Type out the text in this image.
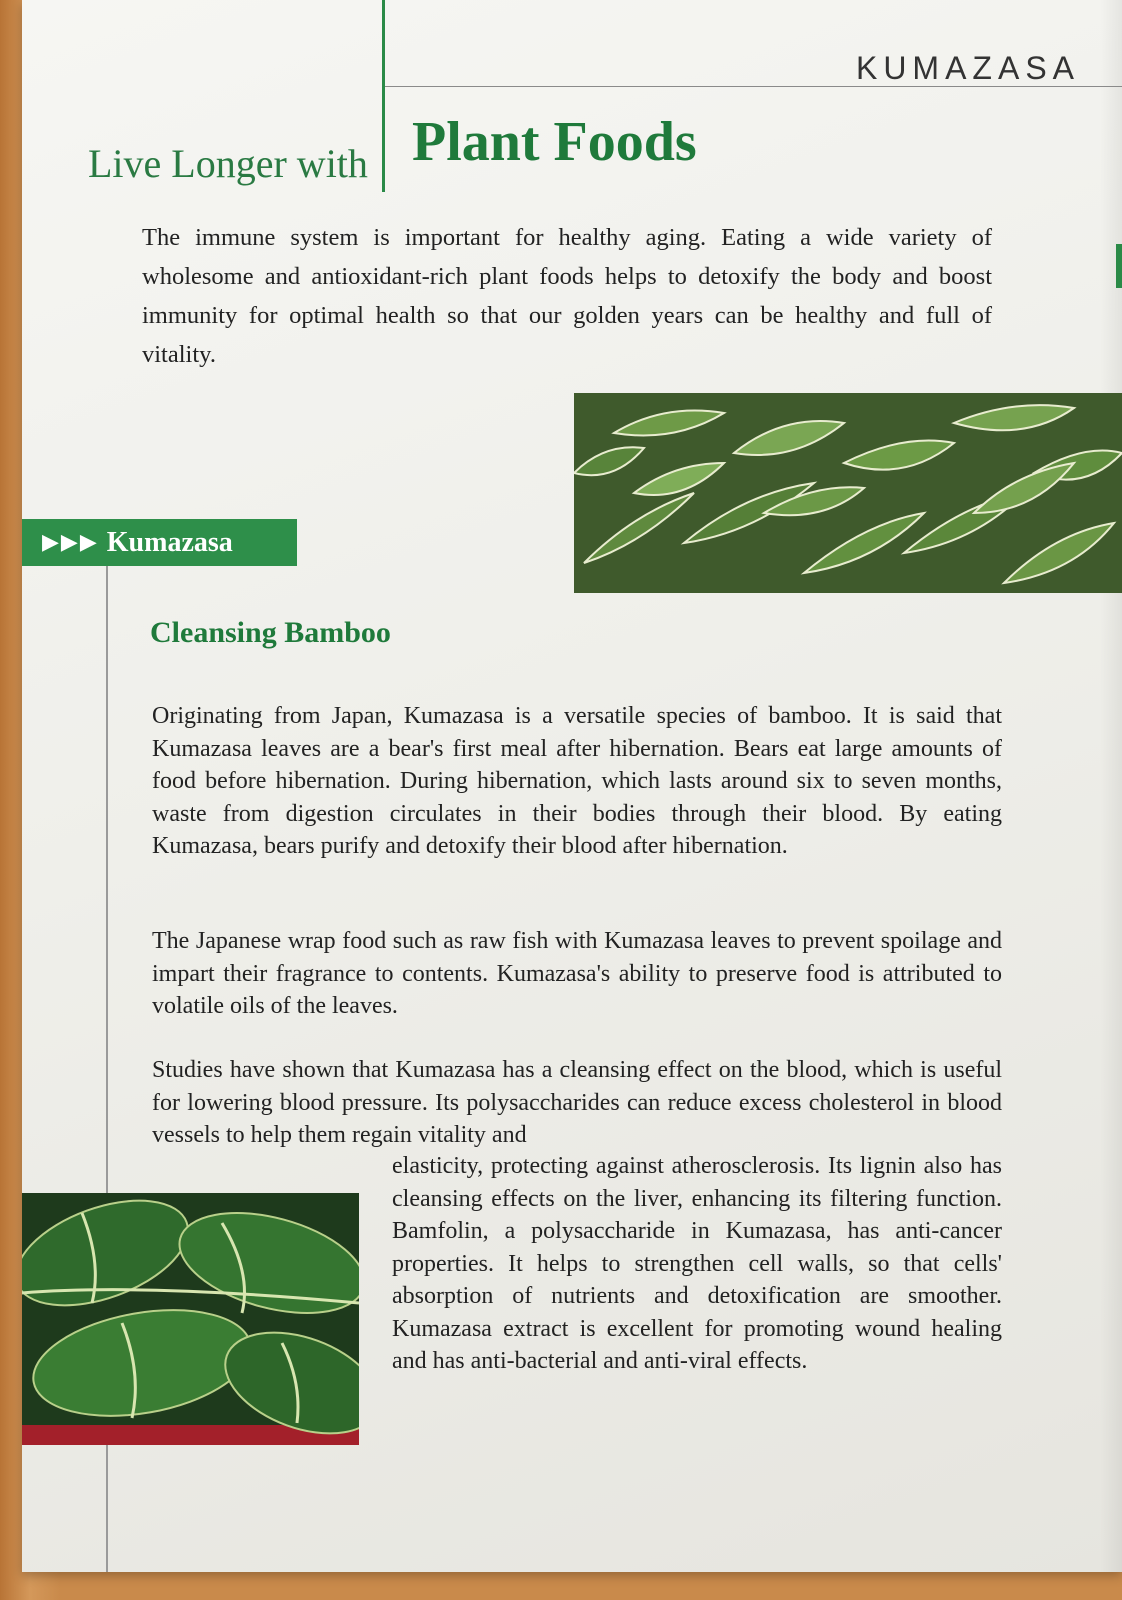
KUMAZASA
Live Longer with Plant Foods

The immune system is important for healthy aging. Eating a wide variety of wholesome and antioxidant-rich plant foods helps to detoxify the body and boost immunity for optimal health so that our golden years can be healthy and full of vitality.

▶▶▶ Kumazasa
Cleansing Bamboo

Originating from Japan, Kumazasa is a versatile species of bamboo. It is said that Kumazasa leaves are a bear's first meal after hibernation. Bears eat large amounts of food before hibernation. During hibernation, which lasts around six to seven months, waste from digestion circulates in their bodies through their blood. By eating Kumazasa, bears purify and detoxify their blood after hibernation.

The Japanese wrap food such as raw fish with Kumazasa leaves to prevent spoilage and impart their fragrance to contents. Kumazasa's ability to preserve food is attributed to volatile oils of the leaves.

Studies have shown that Kumazasa has a cleansing effect on the blood, which is useful for lowering blood pressure. Its polysaccharides can reduce excess cholesterol in blood vessels to help them regain vitality and

elasticity, protecting against atherosclerosis. Its lignin also has cleansing effects on the liver, enhancing its filtering function. Bamfolin, a polysaccharide in Kumazasa, has anti-cancer properties. It helps to strengthen cell walls, so that cells' absorption of nutrients and detoxification are smoother. Kumazasa extract is excellent for promoting wound healing and has anti-bacterial and anti-viral effects.
